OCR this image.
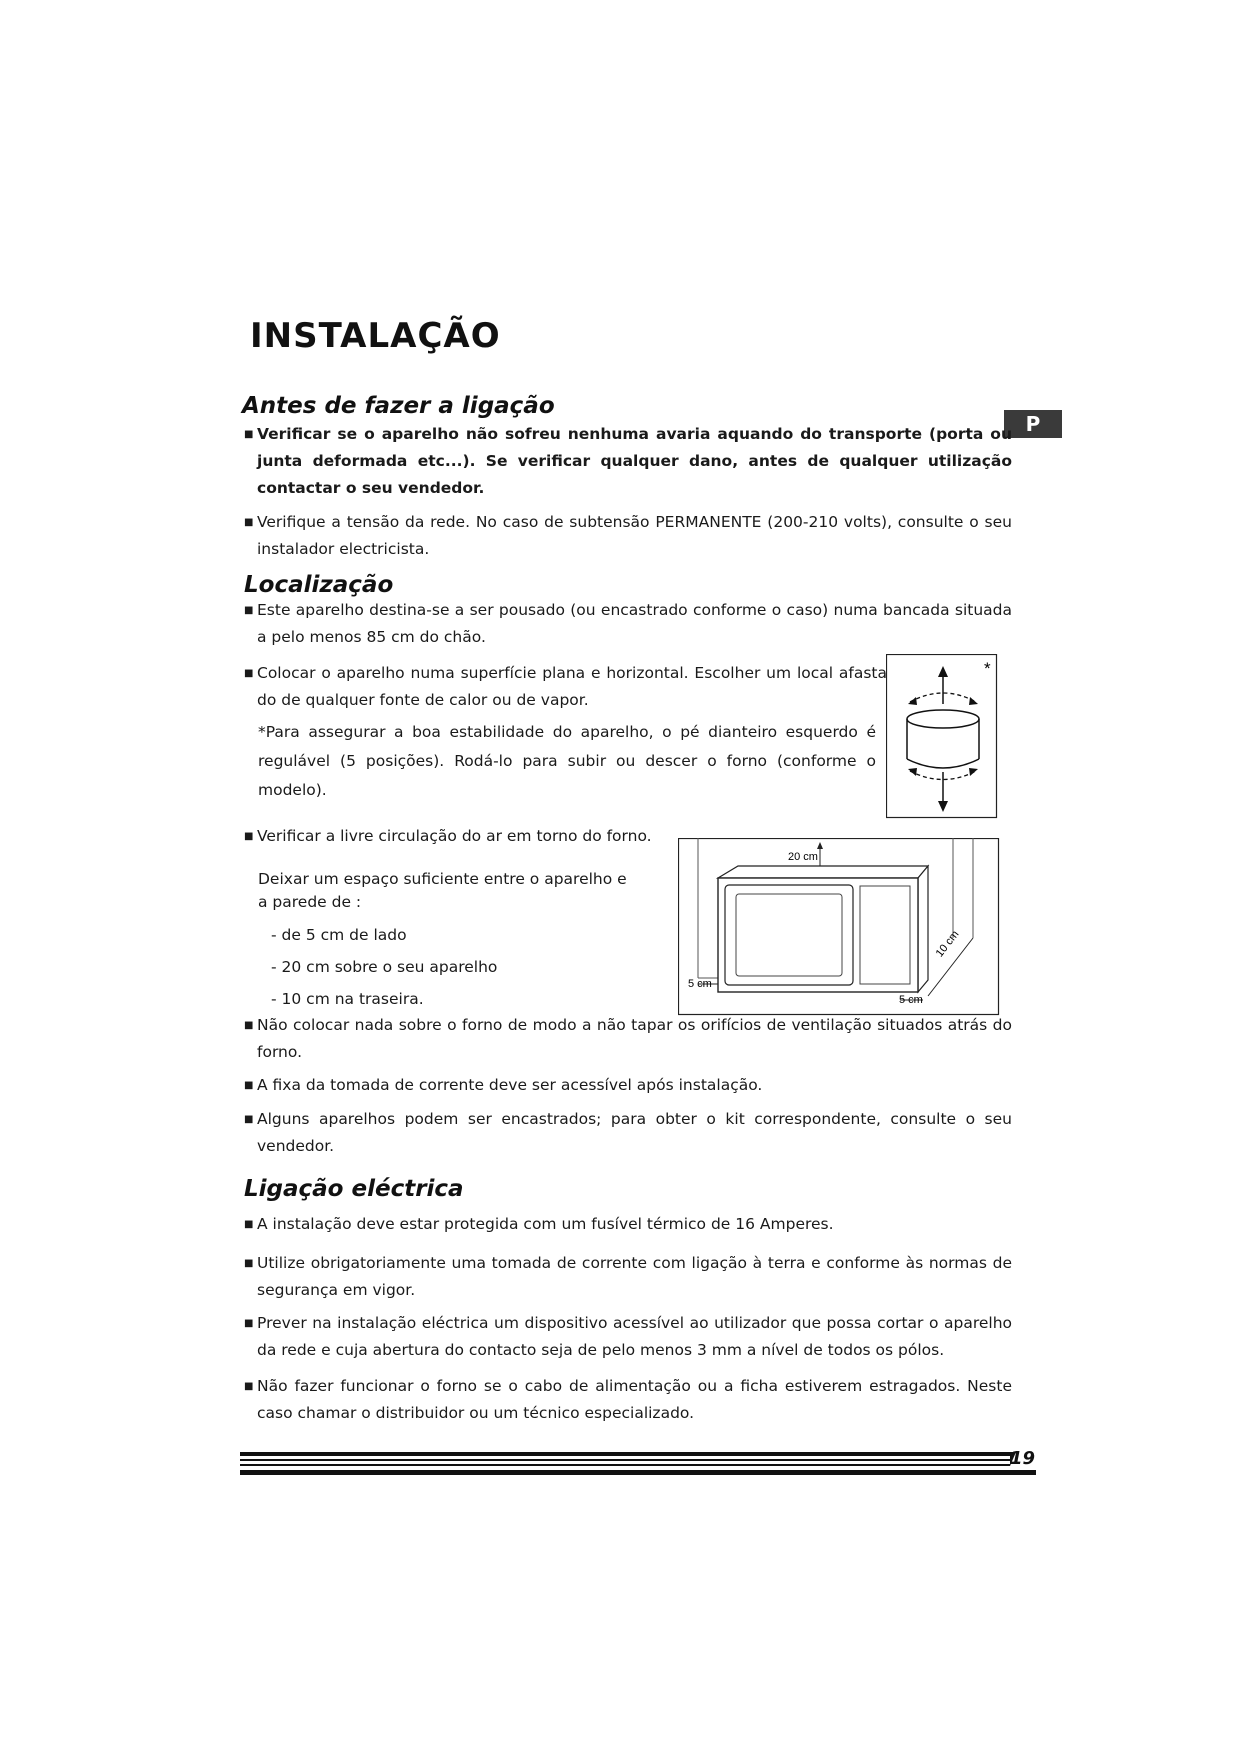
INSTALAÇÃO
P
Antes de fazer a ligação
■ Verificar se o aparelho não sofreu nenhuma avaria aquando do transporte (porta ou junta deformada etc...). Se verificar qualquer dano, antes de qualquer utilização contactar o seu vendedor.
■ Verifique a tensão da rede. No caso de subtensão PERMANENTE (200-210 volts), consulte o seu instalador electricista.
Localização
■ Este aparelho destina-se a ser pousado (ou encastrado conforme o caso) numa bancada situada a pelo menos 85 cm do chão.
■ Colocar o aparelho numa superfície plana e horizontal. Escolher um local afasta do de qualquer fonte de calor ou de vapor.
*Para assegurar a boa estabilidade do aparelho, o pé dianteiro esquerdo é regulável (5 posições). Rodá-lo para subir ou descer o forno (conforme o modelo).
*
■ Verificar a livre circulação do ar em torno do forno.
Deixar um espaço suficiente entre o aparelho e a parede de :
- de 5 cm de lado
- 20 cm sobre o seu aparelho
- 10 cm na traseira.
20 cm
5 cm
5 cm
10 cm
■ Não colocar nada sobre o forno de modo a não tapar os orifícios de ventilação situados atrás do forno.
■ A fixa da tomada de corrente deve ser acessível após instalação.
■ Alguns aparelhos podem ser encastrados; para obter o kit correspondente, consulte o seu vendedor.
Ligação eléctrica
■ A instalação deve estar protegida com um fusível térmico de 16 Amperes.
■ Utilize obrigatoriamente uma tomada de corrente com ligação à terra e conforme às normas de segurança em vigor.
■ Prever na instalação eléctrica um dispositivo acessível ao utilizador que possa cortar o aparelho da rede e cuja abertura do contacto seja de pelo menos 3 mm a nível de todos os pólos.
■ Não fazer funcionar o forno se o cabo de alimentação ou a ficha estiverem estragados. Neste caso chamar o distribuidor ou um técnico especializado.
19
